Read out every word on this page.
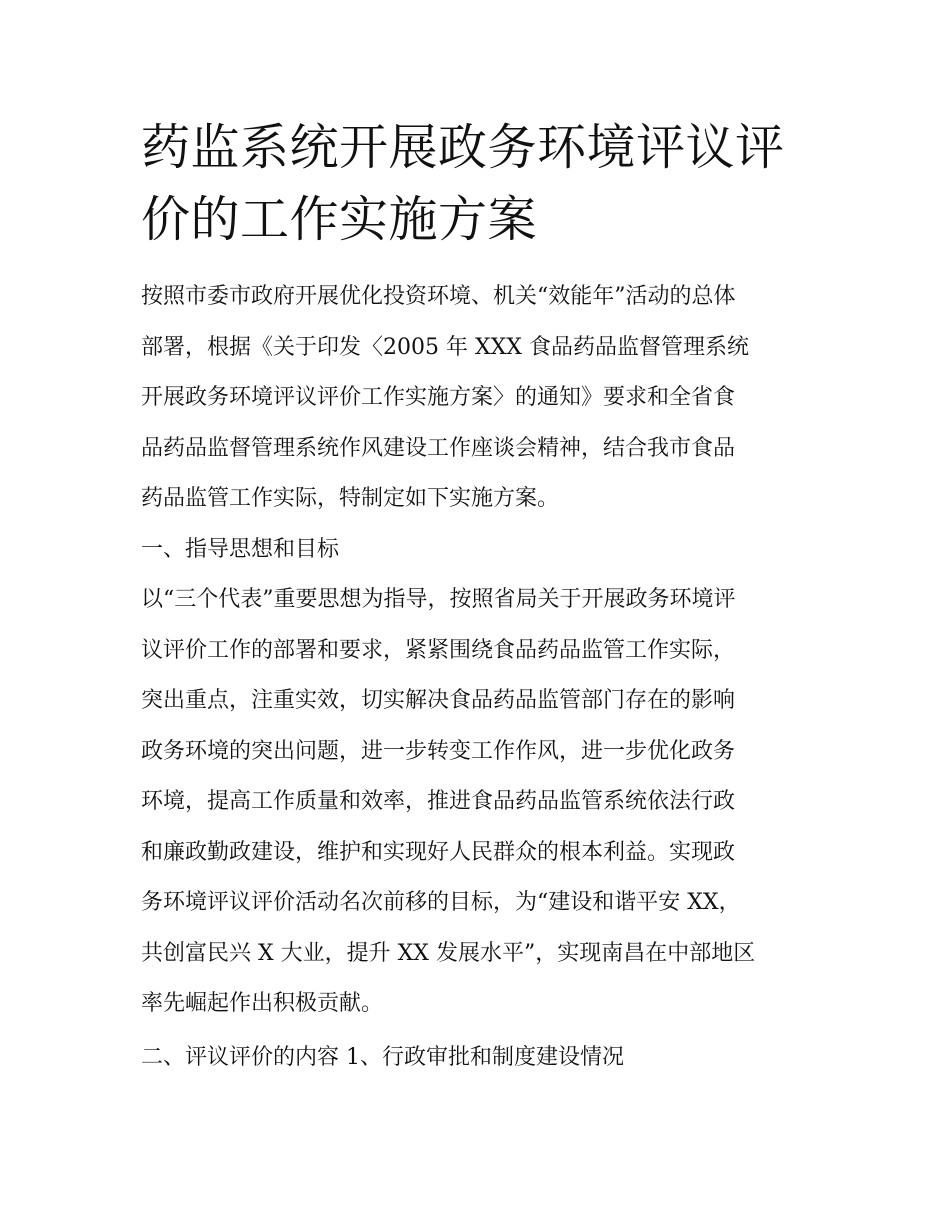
药监系统开展政务环境评议评
价的工作实施方案
按照市委市政府开展优化投资环境、机关“效能年”活动的总体
部署，根据《关于印发〈2005 年 XXX 食品药品监督管理系统
开展政务环境评议评价工作实施方案〉的通知》要求和全省食
品药品监督管理系统作风建设工作座谈会精神，结合我市食品
药品监管工作实际，特制定如下实施方案。
一、指导思想和目标
以“三个代表”重要思想为指导，按照省局关于开展政务环境评
议评价工作的部署和要求，紧紧围绕食品药品监管工作实际，
突出重点，注重实效，切实解决食品药品监管部门存在的影响
政务环境的突出问题，进一步转变工作作风，进一步优化政务
环境，提高工作质量和效率，推进食品药品监管系统依法行政
和廉政勤政建设，维护和实现好人民群众的根本利益。实现政
务环境评议评价活动名次前移的目标，为“建设和谐平安 XX，
共创富民兴 X 大业，提升 XX 发展水平”，实现南昌在中部地区
率先崛起作出积极贡献。
二、评议评价的内容 1、行政审批和制度建设情况
